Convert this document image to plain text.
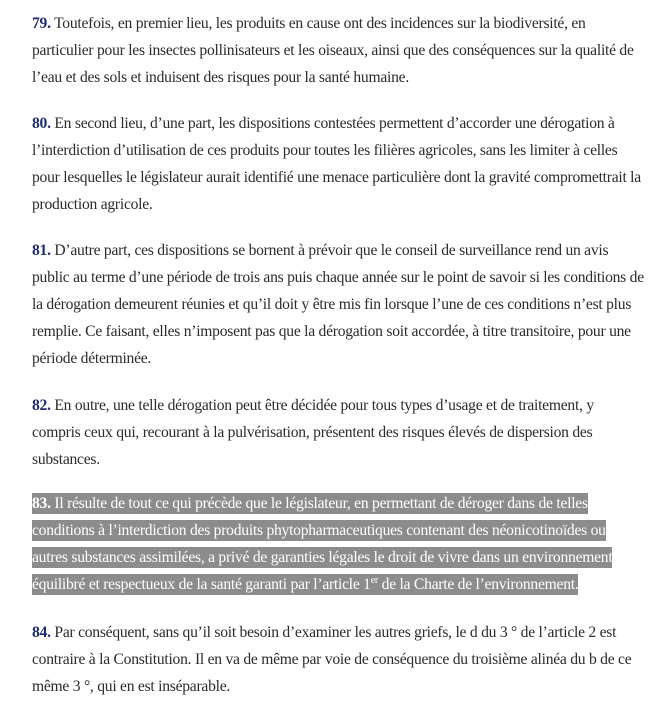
79. Toutefois, en premier lieu, les produits en cause ont des incidences sur la biodiversité, en particulier pour les insectes pollinisateurs et les oiseaux, ainsi que des conséquences sur la qualité de l’eau et des sols et induisent des risques pour la santé humaine.

80. En second lieu, d’une part, les dispositions contestées permettent d’accorder une dérogation à l’interdiction d’utilisation de ces produits pour toutes les filières agricoles, sans les limiter à celles pour lesquelles le législateur aurait identifié une menace particulière dont la gravité compromettrait la production agricole.

81. D’autre part, ces dispositions se bornent à prévoir que le conseil de surveillance rend un avis public au terme d’une période de trois ans puis chaque année sur le point de savoir si les conditions de la dérogation demeurent réunies et qu’il doit y être mis fin lorsque l’une de ces conditions n’est plus remplie. Ce faisant, elles n’imposent pas que la dérogation soit accordée, à titre transitoire, pour une période déterminée.

82. En outre, une telle dérogation peut être décidée pour tous types d’usage et de traitement, y compris ceux qui, recourant à la pulvérisation, présentent des risques élevés de dispersion des substances.

83. Il résulte de tout ce qui précède que le législateur, en permettant de déroger dans de telles conditions à l’interdiction des produits phytopharmaceutiques contenant des néonicotinoïdes ou autres substances assimilées, a privé de garanties légales le droit de vivre dans un environnement équilibré et respectueux de la santé garanti par l’article 1er de la Charte de l’environnement.

84. Par conséquent, sans qu’il soit besoin d’examiner les autres griefs, le d du 3 ° de l’article 2 est contraire à la Constitution. Il en va de même par voie de conséquence du troisième alinéa du b de ce même 3 °, qui en est inséparable.
